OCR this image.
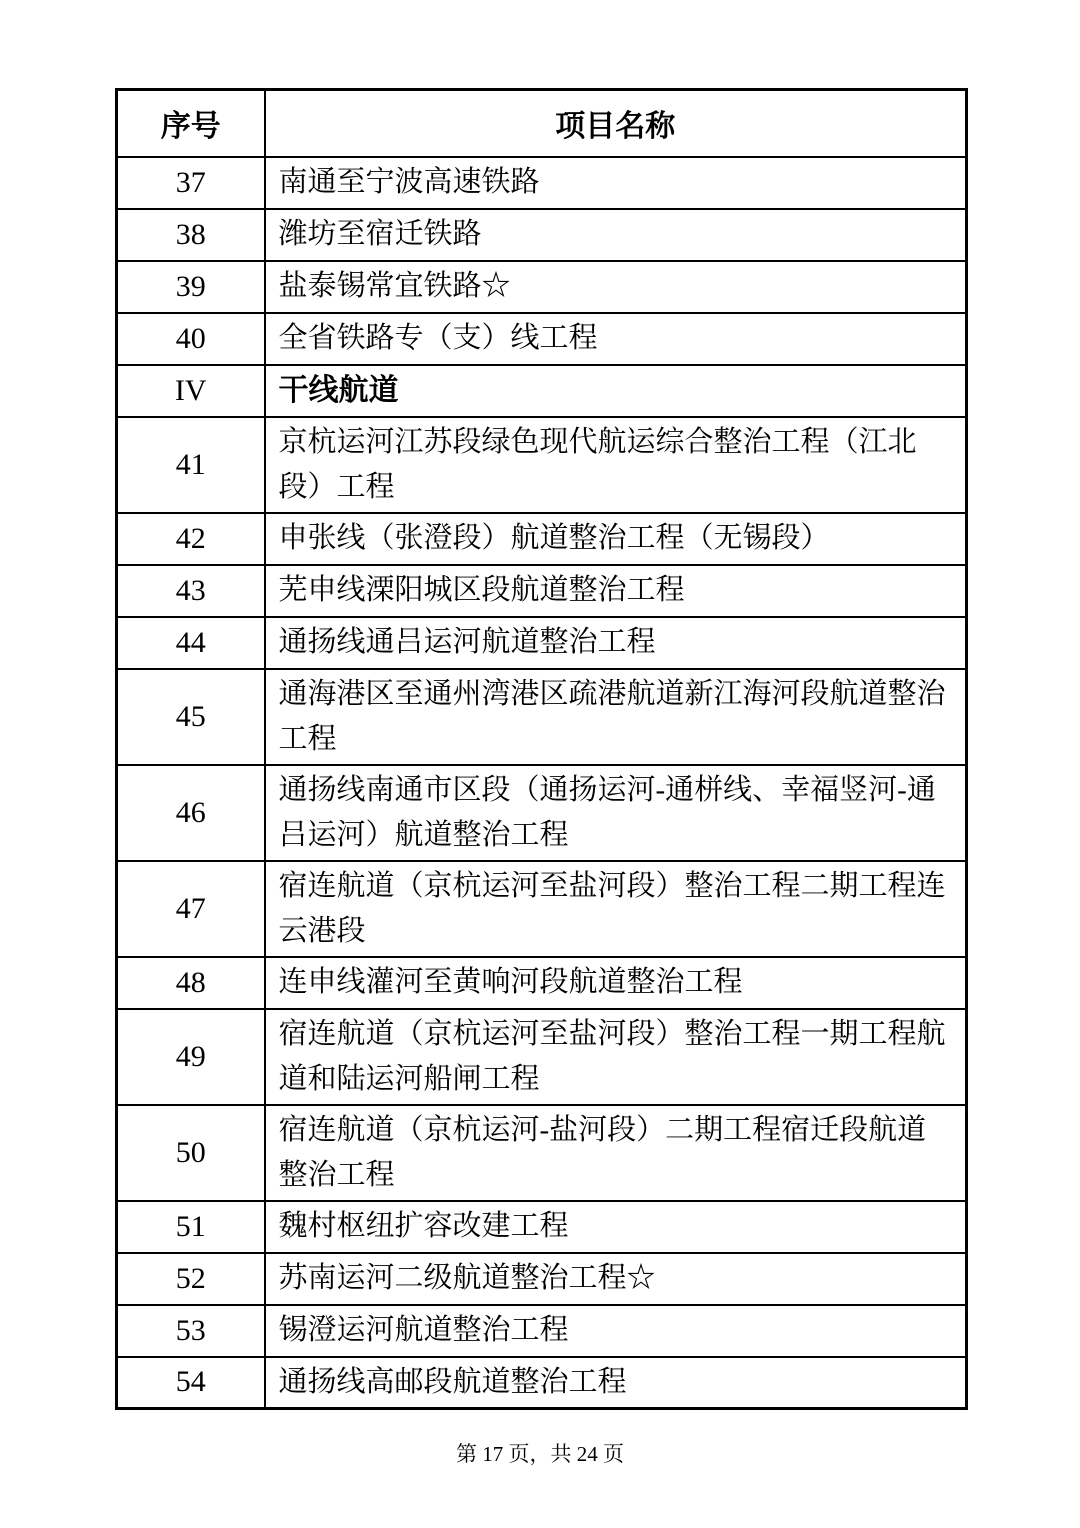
序号	项目名称
37	南通至宁波高速铁路
38	潍坊至宿迁铁路
39	盐泰锡常宜铁路☆
40	全省铁路专（支）线工程
IV	干线航道
41	京杭运河江苏段绿色现代航运综合整治工程（江北段）工程
42	申张线（张澄段）航道整治工程（无锡段）
43	芜申线溧阳城区段航道整治工程
44	通扬线通吕运河航道整治工程
45	通海港区至通州湾港区疏港航道新江海河段航道整治工程
46	通扬线南通市区段（通扬运河-通栟线、幸福竖河-通吕运河）航道整治工程
47	宿连航道（京杭运河至盐河段）整治工程二期工程连云港段
48	连申线灌河至黄响河段航道整治工程
49	宿连航道（京杭运河至盐河段）整治工程一期工程航道和陆运河船闸工程
50	宿连航道（京杭运河-盐河段）二期工程宿迁段航道整治工程
51	魏村枢纽扩容改建工程
52	苏南运河二级航道整治工程☆
53	锡澄运河航道整治工程
54	通扬线高邮段航道整治工程
第 17 页，共 24 页
